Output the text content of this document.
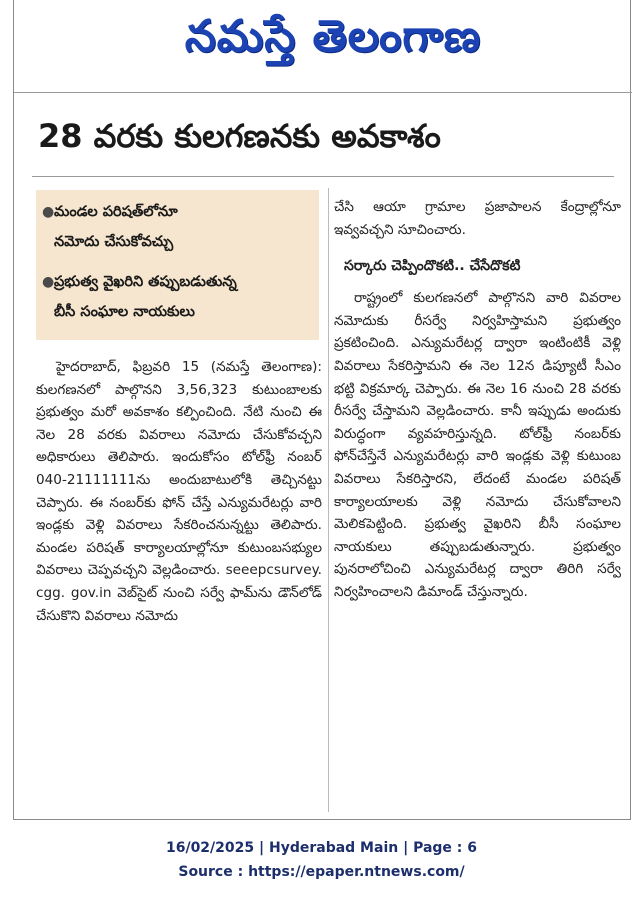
నమస్తే తెలంగాణ
28 వరకు కులగణనకు అవకాశం
● మండల పరిషత్‌లోనూ
నమోదు చేసుకోవచ్చు
● ప్రభుత్వ వైఖరిని తప్పుబడుతున్న
బీసీ సంఘాల నాయకులు

హైదరాబాద్, ఫిబ్రవరి 15 (నమస్తే తెలంగాణ): కులగణనలో పాల్గొనని 3,56,323 కుటుంబాలకు ప్రభుత్వం మరో అవకాశం కల్పించింది. నేటి నుంచి ఈ నెల 28 వరకు వివరాలు నమోదు చేసుకోవచ్చని అధికారులు తెలిపారు. ఇందుకోసం టోల్‌ఫ్రీ నంబర్ 040-21111111ను అందుబాటులోకి తెచ్చినట్టు చెప్పారు. ఈ నంబర్‌కు ఫోన్ చేస్తే ఎన్యుమరేటర్లు వారి ఇండ్లకు వెళ్లి వివరాలు సేకరించనున్నట్టు తెలిపారు. మండల పరిషత్ కార్యాలయాల్లోనూ కుటుంబసభ్యుల వివరాలు చెప్పవచ్చని వెల్లడించారు. seeepcsurvey. cgg. gov.in వెబ్‌సైట్ నుంచి సర్వే ఫామ్‌ను డౌన్‌లోడ్ చేసుకొని వివరాలు నమోదు

చేసి ఆయా గ్రామాల ప్రజాపాలన కేంద్రాల్లోనూ ఇవ్వవచ్చని సూచించారు.

సర్కారు చెప్పిందొకటి.. చేసేదొకటి

రాష్ట్రంలో కులగణనలో పాల్గొనని వారి వివరాల నమోదుకు రీసర్వే నిర్వహిస్తామని ప్రభుత్వం ప్రకటించింది. ఎన్యుమరేటర్ల ద్వారా ఇంటింటికీ వెళ్లి వివరాలు సేకరిస్తామని ఈ నెల 12న డిప్యూటీ సీఎం భట్టి విక్రమార్క చెప్పారు. ఈ నెల 16 నుంచి 28 వరకు రీసర్వే చేస్తామని వెల్లడించారు. కానీ ఇప్పుడు అందుకు విరుద్ధంగా వ్యవహరిస్తున్నది. టోల్‌ఫ్రీ నంబర్‌కు ఫోన్‌చేస్తేనే ఎన్యుమరేటర్లు వారి ఇండ్లకు వెళ్లి కుటుంబ వివరాలు సేకరిస్తారని, లేదంటే మండల పరిషత్ కార్యాలయాలకు వెళ్లి నమోదు చేసుకోవాలని మెలికపెట్టింది. ప్రభుత్వ వైఖరిని బీసీ సంఘాల నాయకులు తప్పుబడుతున్నారు. ప్రభుత్వం పునరాలోచించి ఎన్యుమరేటర్ల ద్వారా తిరిగి సర్వే నిర్వహించాలని డిమాండ్ చేస్తున్నారు.

16/02/2025 | Hyderabad Main | Page : 6
Source : https://epaper.ntnews.com/
